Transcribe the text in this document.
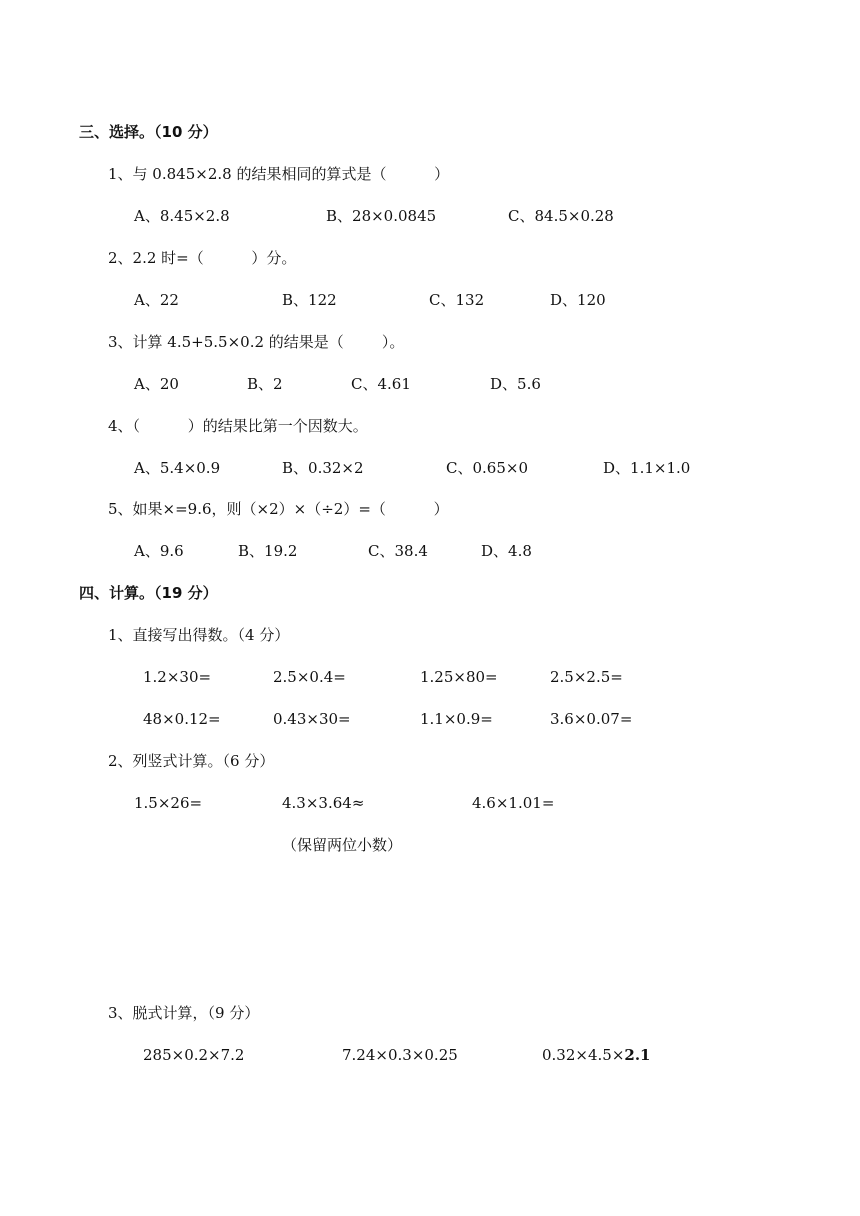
三、选择。（10 分）
1、与 0.845×2.8 的结果相同的算式是（          ）
A、8.45×2.8	B、28×0.0845	C、84.5×0.28
2、2.2 时=（          ）分。
A、22	B、122	C、132	D、120
3、计算 4.5+5.5×0.2 的结果是（        ）。
A、20	B、2	C、4.61	D、5.6
4、（          ）的结果比第一个因数大。
A、5.4×0.9	B、0.32×2	C、0.65×0	D、1.1×1.0
5、如果×=9.6，则（×2）×（÷2）=（          ）
A、9.6	B、19.2	C、38.4	D、4.8
四、计算。（19 分）
1、直接写出得数。（4 分）
1.2×30=	2.5×0.4=	1.25×80=	2.5×2.5=
48×0.12=	0.43×30=	1.1×0.9=	3.6×0.07=
2、列竖式计算。（6 分）
1.5×26=	4.3×3.64≈	4.6×1.01=
（保留两位小数）
3、脱式计算，（9 分）
285×0.2×7.2	7.24×0.3×0.25	0.32×4.5×2.1
